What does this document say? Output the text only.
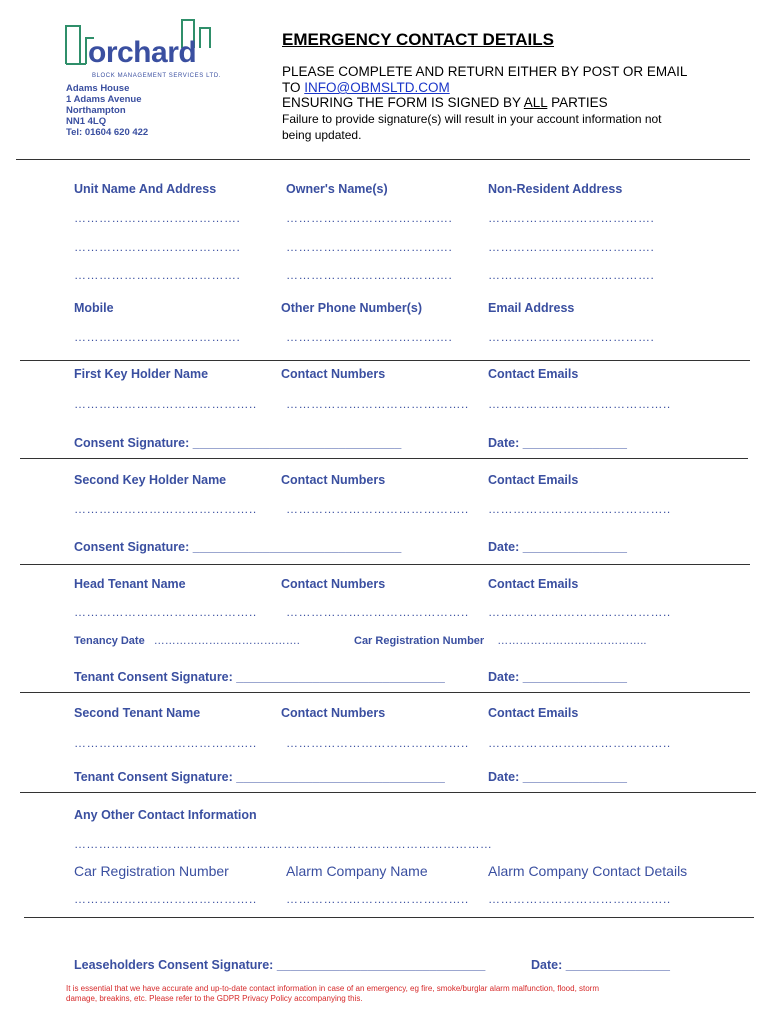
orchard
BLOCK MANAGEMENT SERVICES LTD.
Adams House
1 Adams Avenue
Northampton
NN1 4LQ
Tel: 01604 620 422
EMERGENCY CONTACT DETAILS
PLEASE COMPLETE AND RETURN EITHER BY POST OR EMAIL
TO INFO@OBMSLTD.COM
ENSURING THE FORM IS SIGNED BY ALL PARTIES
Failure to provide signature(s) will result in your account information not
being updated.
Unit Name And Address	Owner's Name(s)	Non-Resident Address
………………………………….	………………………………….	………………………………….
………………………………….	………………………………….	………………………………….
………………………………….	………………………………….	………………………………….
Mobile	Other Phone Number(s)	Email Address
………………………………….	………………………………….	………………………………….
First Key Holder Name	Contact Numbers	Contact Emails
…………………………………….. …………………………………….. ……………………………………..
Consent Signature: ______________________________	Date: _______________
Second Key Holder Name	Contact Numbers	Contact Emails
…………………………………….. …………………………………….. ……………………………………..
Consent Signature: ______________________________	Date: _______________
Head Tenant Name	Contact Numbers	Contact Emails
…………………………………….. …………………………………….. ……………………………………..
Tenancy Date ………………………………….	Car Registration Number …………………………………..
Tenant Consent Signature: ______________________________	Date: _______________
Second Tenant Name	Contact Numbers	Contact Emails
…………………………………….. …………………………………….. ……………………………………..
Tenant Consent Signature: ______________________________	Date: _______________
Any Other Contact Information
…………………………………………………………………………………………
Car Registration Number	Alarm Company Name	Alarm Company Contact Details
…………………………………….. …………………………………….. ……………………………………..
Leaseholders Consent Signature: ______________________________	Date: _______________
It is essential that we have accurate and up-to-date contact information in case of an emergency, eg fire, smoke/burglar alarm malfunction, flood, storm
damage, breakins, etc. Please refer to the GDPR Privacy Policy accompanying this.
